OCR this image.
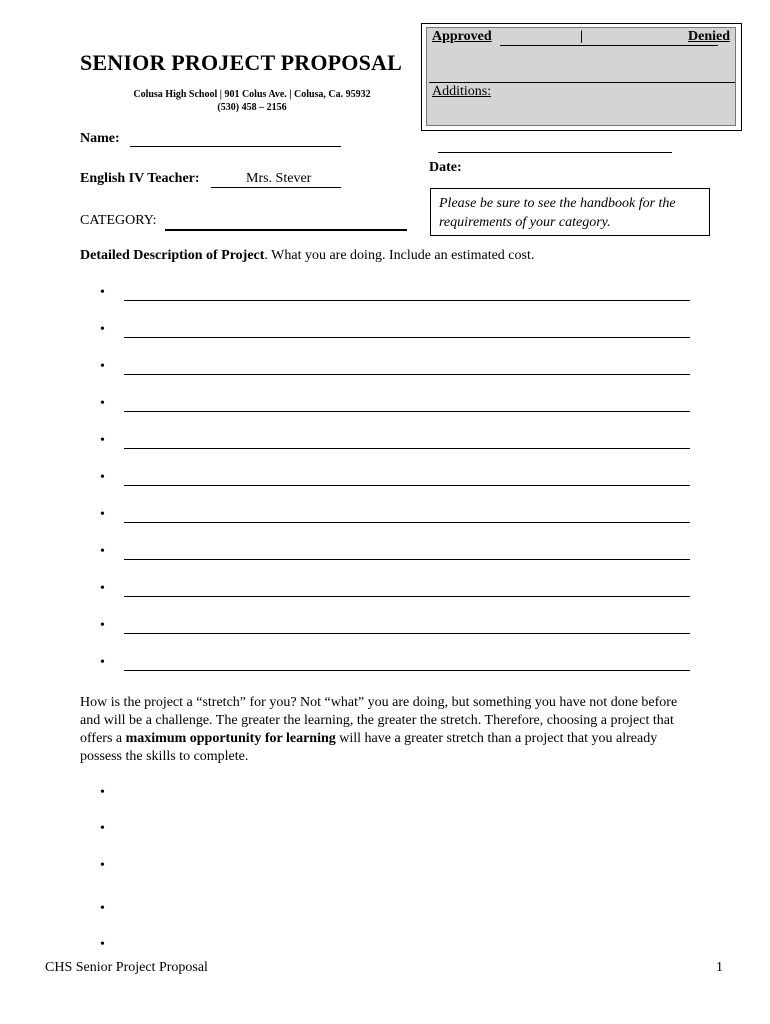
Approved	|	Denied
Additions:
SENIOR PROJECT PROPOSAL
Colusa High School | 901 Colus Ave. | Colusa, Ca. 95932
(530) 458 – 2156
Name:
Date:
English IV Teacher:	Mrs. Stever
CATEGORY:
Please be sure to see the handbook for the
requirements of your category.
Detailed Description of Project. What you are doing. Include an estimated cost.
•
•
•
•
•
•
•
•
•
•
•
How is the project a “stretch” for you? Not “what” you are doing, but something you have not done before and will be a challenge. The greater the learning, the greater the stretch. Therefore, choosing a project that offers a maximum opportunity for learning will have a greater stretch than a project that you already possess the skills to complete.
•
•
•
•
•
CHS Senior Project Proposal	1
